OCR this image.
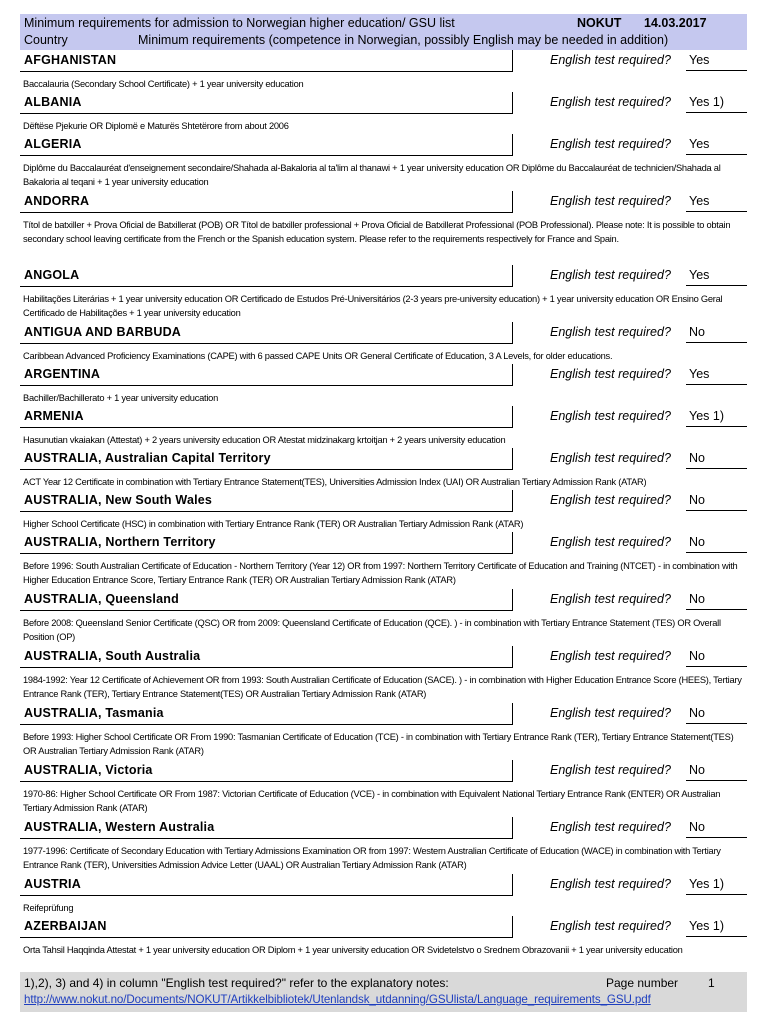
Minimum requirements for admission to Norwegian higher education/ GSU list	NOKUT 14.03.2017
Country	Minimum requirements (competence in Norwegian, possibly English may be needed in addition)
AFGHANISTAN	English test required? Yes
Baccalauria (Secondary School Certificate) + 1 year university education
ALBANIA	English test required? Yes 1)
Dëftëse Pjekurie OR Diplomë e Maturës Shtetërore from about 2006
ALGERIA	English test required? Yes
Diplôme du Baccalauréat d'enseignement secondaire/Shahada al-Bakaloria al ta'lim al thanawi + 1 year university education OR Diplôme du Baccalauréat de technicien/Shahada al Bakaloria al teqani + 1 year university education
ANDORRA	English test required? Yes
Títol de batxiller + Prova Oficial de Batxillerat (POB) OR Títol de batxiller professional + Prova Oficial de Batxillerat Professional (POB Professional). Please note: It is possible to obtain secondary school leaving certificate from the French or the Spanish education system. Please refer to the requirements respectively for France and Spain.
ANGOLA	English test required? Yes
Habilitações Literárias + 1 year university education OR Certificado de Estudos Pré-Universitários (2-3 years pre-university education) + 1 year university education OR Ensino Geral Certificado de Habilitações + 1 year university education
ANTIGUA AND BARBUDA	English test required? No
Caribbean Advanced Proficiency Examinations (CAPE) with 6 passed CAPE Units OR General Certificate of Education, 3 A Levels, for older educations.
ARGENTINA	English test required? Yes
Bachiller/Bachillerato + 1 year university education
ARMENIA	English test required? Yes 1)
Hasunutian vkaiakan (Attestat) + 2 years university education OR Atestat midzinakarg krtoitjan + 2 years university education
AUSTRALIA, Australian Capital Territory	English test required? No
ACT Year 12 Certificate in combination with Tertiary Entrance Statement(TES), Universities Admission Index (UAI) OR Australian Tertiary Admission Rank (ATAR)
AUSTRALIA, New South Wales	English test required? No
Higher School Certificate (HSC) in combination with Tertiary Entrance Rank (TER) OR Australian Tertiary Admission Rank (ATAR)
AUSTRALIA, Northern Territory	English test required? No
Before 1996: South Australian Certificate of Education - Northern Territory (Year 12) OR from 1997: Northern Territory Certificate of Education and Training (NTCET) - in combination with Higher Education Entrance Score, Tertiary Entrance Rank (TER) OR Australian Tertiary Admission Rank (ATAR)
AUSTRALIA, Queensland	English test required? No
Before 2008: Queensland Senior Certificate (QSC) OR from 2009: Queensland Certificate of Education (QCE). ) - in combination with Tertiary Entrance Statement (TES) OR Overall Position (OP)
AUSTRALIA, South Australia	English test required? No
1984-1992: Year 12 Certificate of Achievement OR from 1993: South Australian Certificate of Education (SACE). ) - in combination with Higher Education Entrance Score (HEES), Tertiary Entrance Rank (TER), Tertiary Entrance Statement(TES) OR Australian Tertiary Admission Rank (ATAR)
AUSTRALIA, Tasmania	English test required? No
Before 1993: Higher School Certificate OR From 1990: Tasmanian Certificate of Education (TCE) - in combination with Tertiary Entrance Rank (TER), Tertiary Entrance Statement(TES) OR Australian Tertiary Admission Rank (ATAR)
AUSTRALIA, Victoria	English test required? No
1970-86: Higher School Certificate OR From 1987: Victorian Certificate of Education (VCE) - in combination with Equivalent National Tertiary Entrance Rank (ENTER) OR Australian Tertiary Admission Rank (ATAR)
AUSTRALIA, Western Australia	English test required? No
1977-1996: Certificate of Secondary Education with Tertiary Admissions Examination OR from 1997: Western Australian Certificate of Education (WACE) in combination with Tertiary Entrance Rank (TER), Universities Admission Advice Letter (UAAL) OR Australian Tertiary Admission Rank (ATAR)
AUSTRIA	English test required? Yes 1)
Reifeprüfung
AZERBAIJAN	English test required? Yes 1)
Orta Tahsil Haqqinda Attestat + 1 year university education OR Diplom + 1 year university education OR Svidetelstvo o Srednem Obrazovanii + 1 year university education
1),2), 3) and 4) in column "English test required?" refer to the explanatory notes:	Page number 1
http://www.nokut.no/Documents/NOKUT/Artikkelbibliotek/Utenlandsk_utdanning/GSUlista/Language_requirements_GSU.pdf
